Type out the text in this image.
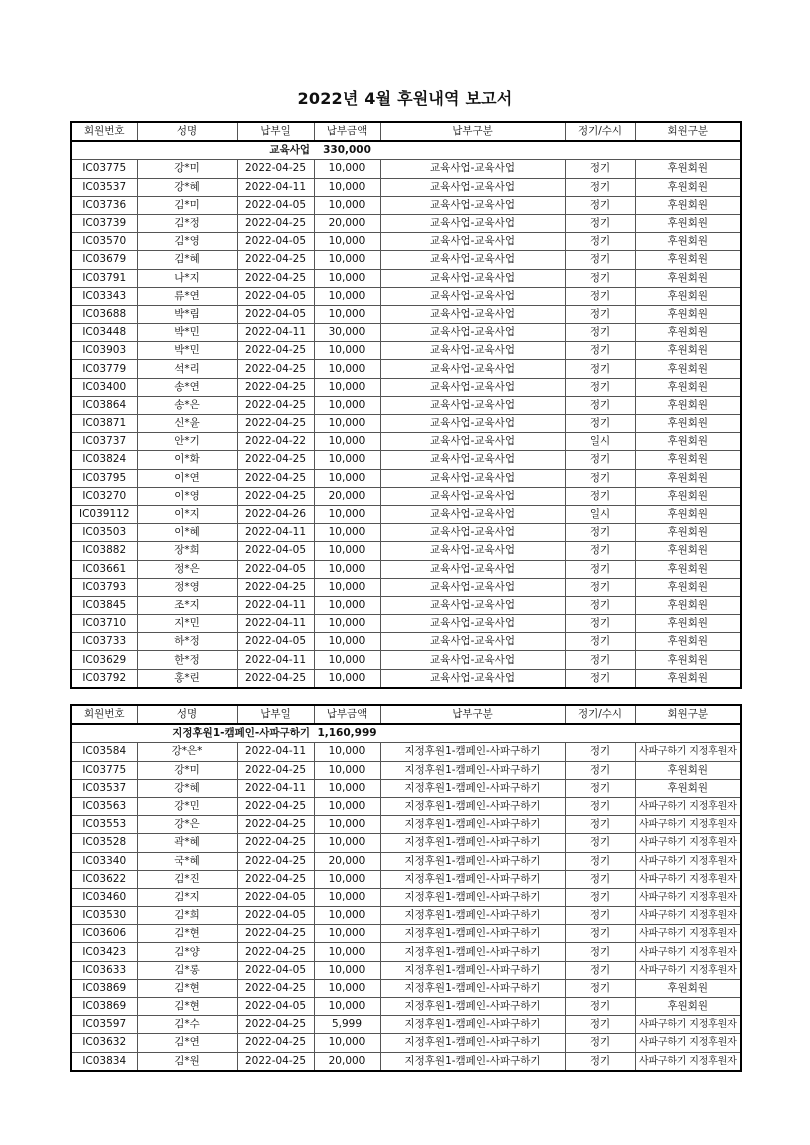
2022년 4월 후원내역 보고서
회원번호	성명	납부일	납부금액	납부구분	정기/수시	회원구분
	교육사업		330,000			
IC03775	강*미	2022-04-25	10,000	교육사업-교육사업	정기	후원회원
IC03537	강*혜	2022-04-11	10,000	교육사업-교육사업	정기	후원회원
IC03736	김*미	2022-04-05	10,000	교육사업-교육사업	정기	후원회원
IC03739	김*정	2022-04-25	20,000	교육사업-교육사업	정기	후원회원
IC03570	김*영	2022-04-05	10,000	교육사업-교육사업	정기	후원회원
IC03679	김*혜	2022-04-25	10,000	교육사업-교육사업	정기	후원회원
IC03791	나*지	2022-04-25	10,000	교육사업-교육사업	정기	후원회원
IC03343	류*연	2022-04-05	10,000	교육사업-교육사업	정기	후원회원
IC03688	박*림	2022-04-05	10,000	교육사업-교육사업	정기	후원회원
IC03448	박*민	2022-04-11	30,000	교육사업-교육사업	정기	후원회원
IC03903	박*민	2022-04-25	10,000	교육사업-교육사업	정기	후원회원
IC03779	석*리	2022-04-25	10,000	교육사업-교육사업	정기	후원회원
IC03400	송*연	2022-04-25	10,000	교육사업-교육사업	정기	후원회원
IC03864	송*은	2022-04-25	10,000	교육사업-교육사업	정기	후원회원
IC03871	신*윤	2022-04-25	10,000	교육사업-교육사업	정기	후원회원
IC03737	안*기	2022-04-22	10,000	교육사업-교육사업	일시	후원회원
IC03824	이*화	2022-04-25	10,000	교육사업-교육사업	정기	후원회원
IC03795	이*연	2022-04-25	10,000	교육사업-교육사업	정기	후원회원
IC03270	이*영	2022-04-25	20,000	교육사업-교육사업	정기	후원회원
IC039112	이*지	2022-04-26	10,000	교육사업-교육사업	일시	후원회원
IC03503	이*혜	2022-04-11	10,000	교육사업-교육사업	정기	후원회원
IC03882	장*희	2022-04-05	10,000	교육사업-교육사업	정기	후원회원
IC03661	정*은	2022-04-05	10,000	교육사업-교육사업	정기	후원회원
IC03793	정*영	2022-04-25	10,000	교육사업-교육사업	정기	후원회원
IC03845	조*지	2022-04-11	10,000	교육사업-교육사업	정기	후원회원
IC03710	지*민	2022-04-11	10,000	교육사업-교육사업	정기	후원회원
IC03733	하*정	2022-04-05	10,000	교육사업-교육사업	정기	후원회원
IC03629	한*정	2022-04-11	10,000	교육사업-교육사업	정기	후원회원
IC03792	홍*린	2022-04-25	10,000	교육사업-교육사업	정기	후원회원
회원번호	성명	납부일	납부금액	납부구분	정기/수시	회원구분
	지정후원1-캠페인-사파구하기		1,160,999			
IC03584	강*은*	2022-04-11	10,000	지정후원1-캠페인-사파구하기	정기	사파구하기 지정후원자
IC03775	강*미	2022-04-25	10,000	지정후원1-캠페인-사파구하기	정기	후원회원
IC03537	강*혜	2022-04-11	10,000	지정후원1-캠페인-사파구하기	정기	후원회원
IC03563	강*민	2022-04-25	10,000	지정후원1-캠페인-사파구하기	정기	사파구하기 지정후원자
IC03553	강*은	2022-04-25	10,000	지정후원1-캠페인-사파구하기	정기	사파구하기 지정후원자
IC03528	곽*혜	2022-04-25	10,000	지정후원1-캠페인-사파구하기	정기	사파구하기 지정후원자
IC03340	국*혜	2022-04-25	20,000	지정후원1-캠페인-사파구하기	정기	사파구하기 지정후원자
IC03622	김*진	2022-04-25	10,000	지정후원1-캠페인-사파구하기	정기	사파구하기 지정후원자
IC03460	김*지	2022-04-05	10,000	지정후원1-캠페인-사파구하기	정기	사파구하기 지정후원자
IC03530	김*희	2022-04-05	10,000	지정후원1-캠페인-사파구하기	정기	사파구하기 지정후원자
IC03606	김*현	2022-04-25	10,000	지정후원1-캠페인-사파구하기	정기	사파구하기 지정후원자
IC03423	김*양	2022-04-25	10,000	지정후원1-캠페인-사파구하기	정기	사파구하기 지정후원자
IC03633	김*롱	2022-04-05	10,000	지정후원1-캠페인-사파구하기	정기	사파구하기 지정후원자
IC03869	김*현	2022-04-25	10,000	지정후원1-캠페인-사파구하기	정기	후원회원
IC03869	김*현	2022-04-05	10,000	지정후원1-캠페인-사파구하기	정기	후원회원
IC03597	김*수	2022-04-25	5,999	지정후원1-캠페인-사파구하기	정기	사파구하기 지정후원자
IC03632	김*연	2022-04-25	10,000	지정후원1-캠페인-사파구하기	정기	사파구하기 지정후원자
IC03834	김*원	2022-04-25	20,000	지정후원1-캠페인-사파구하기	정기	사파구하기 지정후원자
